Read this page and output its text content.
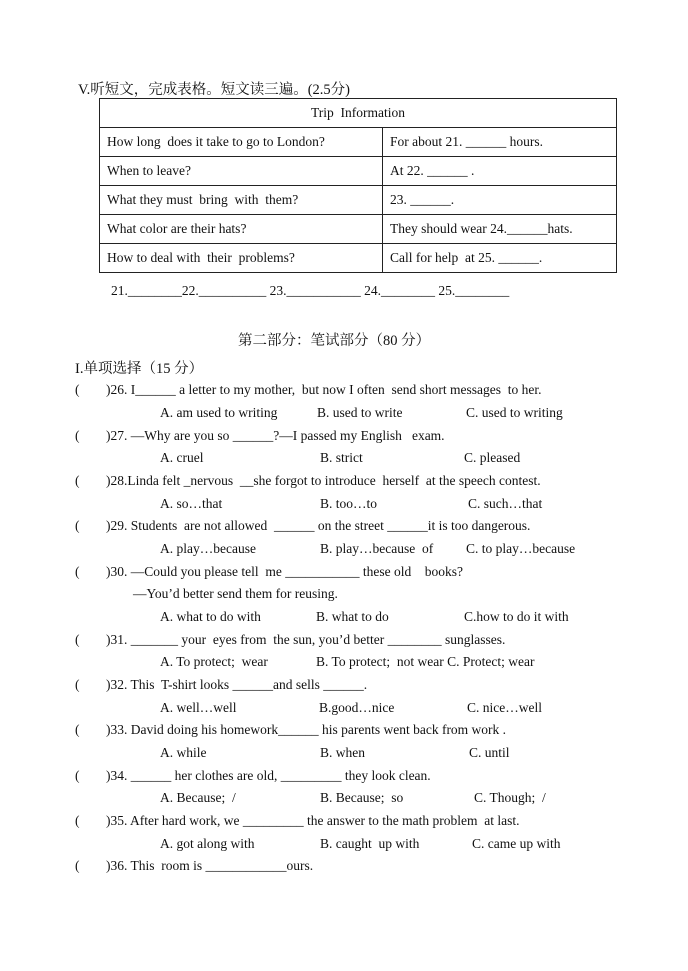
V.听短文，完成表格。短文读三遍。(2.5分)
Trip  Information	
How long  does it take to go to London?	For about 21. ______ hours.
When to leave?	At 22. ______ .
What they must  bring  with  them?	23. ______.
What color are their hats?	They should wear 24.______hats.
How to deal with  their  problems?	Call for help  at 25. ______.
21.________22.__________ 23.___________ 24.________ 25.________
第二部分：笔试部分（80 分）
I.单项选择（15 分）
( )26. I______ a letter to my mother,  but now I often  send short messages  to her.
A. am used to writing	B. used to write	C. used to writing
( )27. —Why are you so ______?—I passed my English   exam.
A. cruel	B. strict	C. pleased
( )28.Linda felt _nervous  __she forgot to introduce  herself  at the speech contest.
A. so…that	B. too…to	C. such…that
( )29. Students  are not allowed  ______ on the street ______it is too dangerous.
A. play…because	B. play…because  of C. to play…because
( )30. —Could you please tell  me ___________ these old    books?
—You’d better send them for reusing.
A. what to do with	B. what to do	C.how to do it with
( )31. _______ your  eyes from  the sun, you’d better ________ sunglasses.
A. To protect;  wear	B. To protect;  not wear C. Protect; wear
( )32. This  T-shirt looks ______and sells ______.
A. well…well	B.good…nice	C. nice…well
( )33. David doing his homework______ his parents went back from work .
A. while	B. when	C. until
( )34. ______ her clothes are old, _________ they look clean.
A. Because;  /	B. Because;  so	C. Though;  /
( )35. After hard work, we _________ the answer to the math problem  at last.
A. got along with	B. caught  up with	C. came up with
( )36. This  room is ____________ours.
